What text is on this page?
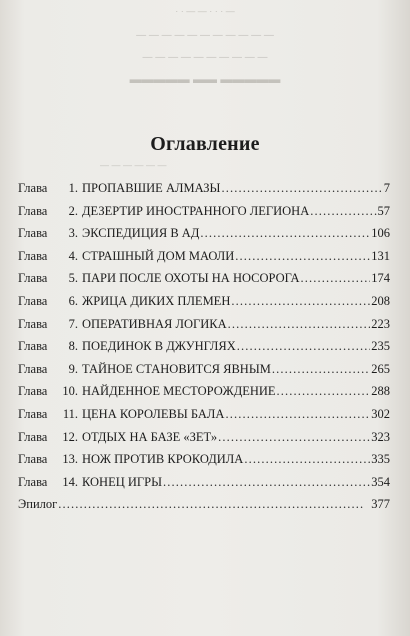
— · · · — — · ·
— — — — — — — — — — —
— — — — — — — — — —
▬▬▬▬▬ ▬▬ ▬▬▬▬▬
— — — — — —
Оглавление
Глава	1. ПРОПАВШИЕ АЛМАЗЫ . . .	7
Глава	2. ДЕЗЕРТИР ИНОСТРАННОГО ЛЕГИОНА . . .	57
Глава	3. ЭКСПЕДИЦИЯ В АД . . .	106
Глава	4. СТРАШНЫЙ ДОМ МАОЛИ . . .	131
Глава	5. ПАРИ ПОСЛЕ ОХОТЫ НА НОСОРОГА . . .	174
Глава	6. ЖРИЦА ДИКИХ ПЛЕМЕН . . .	208
Глава	7. ОПЕРАТИВНАЯ ЛОГИКА . . .	223
Глава	8. ПОЕДИНОК В ДЖУНГЛЯХ . . .	235
Глава	9. ТАЙНОЕ СТАНОВИТСЯ ЯВНЫМ . . .	265
Глава	10. НАЙДЕННОЕ МЕСТОРОЖДЕНИЕ . . .	288
Глава	11. ЦЕНА КОРОЛЕВЫ БАЛА . . .	302
Глава	12. ОТДЫХ НА БАЗЕ «ЗЕТ» . . .	323
Глава	13. НОЖ ПРОТИВ КРОКОДИЛА . . .	335
Глава	14. КОНЕЦ ИГРЫ . . .	354
Эпилог . . .	377
